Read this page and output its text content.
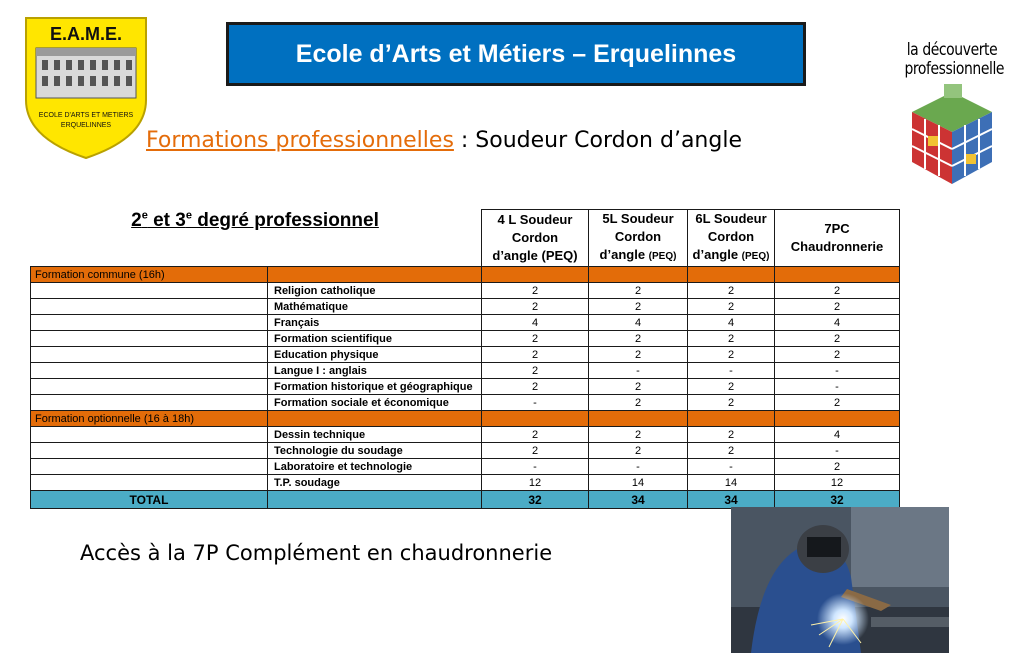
E.A.M.E.
ECOLE D'ARTS ET METIERS
ERQUELINNES
Ecole d’Arts et Métiers – Erquelinnes
Formations professionnelles : Soudeur Cordon d’angle
la découverte
professionnelle
2e et 3e degré professionnel
			4 L Soudeur
Cordon
d’angle (PEQ)	5L Soudeur
Cordon
d’angle (PEQ)	6L Soudeur
Cordon
d’angle (PEQ)	7PC
Chaudronnerie
Formation commune (16h)					
	Religion catholique	2	2	2	2
	Mathématique	2	2	2	2
	Français	4	4	4	4
	Formation scientifique	2	2	2	2
	Education physique	2	2	2	2
	Langue I : anglais	2	-	-	-
	Formation historique et géographique	2	2	2	-
	Formation sociale et économique	-	2	2	2
Formation optionnelle (16 à 18h)					
	Dessin technique	2	2	2	4
	Technologie du soudage	2	2	2	-
	Laboratoire et technologie	-	-	-	2
	T.P. soudage	12	14	14	12
TOTAL		32	34	34	32
Accès à la 7P Complément en chaudronnerie
